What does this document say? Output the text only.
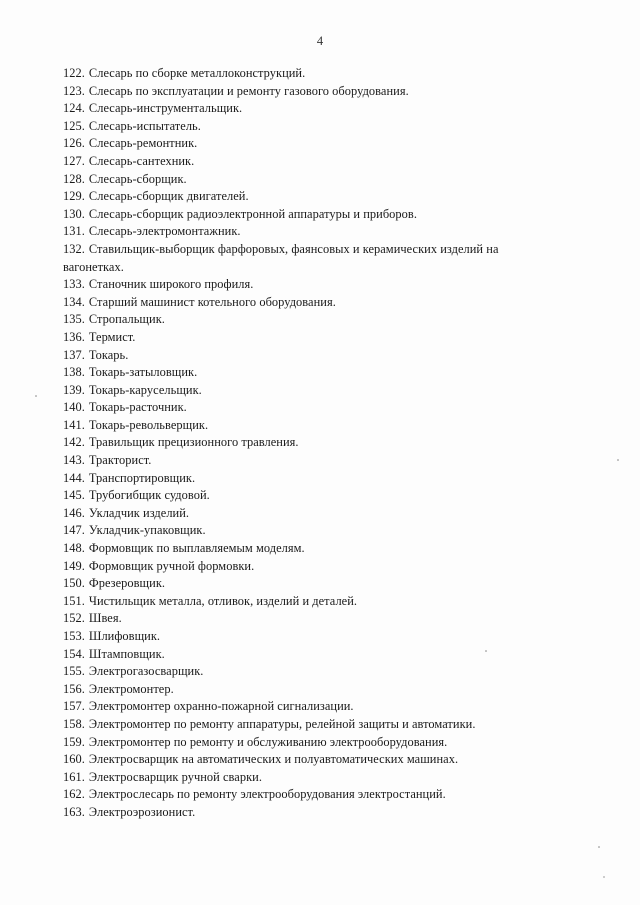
4
122. Слесарь по сборке металлоконструкций.
123. Слесарь по эксплуатации и ремонту газового оборудования.
124. Слесарь-инструментальщик.
125. Слесарь-испытатель.
126. Слесарь-ремонтник.
127. Слесарь-сантехник.
128. Слесарь-сборщик.
129. Слесарь-сборщик двигателей.
130. Слесарь-сборщик радиоэлектронной аппаратуры и приборов.
131. Слесарь-электромонтажник.
132. Ставильщик-выборщик фарфоровых, фаянсовых и керамических изделий на вагонетках.
133. Станочник широкого профиля.
134. Старший машинист котельного оборудования.
135. Стропальщик.
136. Термист.
137. Токарь.
138. Токарь-затыловщик.
139. Токарь-карусельщик.
140. Токарь-расточник.
141. Токарь-револьверщик.
142. Травильщик прецизионного травления.
143. Тракторист.
144. Транспортировщик.
145. Трубогибщик судовой.
146. Укладчик изделий.
147. Укладчик-упаковщик.
148. Формовщик по выплавляемым моделям.
149. Формовщик ручной формовки.
150. Фрезеровщик.
151. Чистильщик металла, отливок, изделий и деталей.
152. Швея.
153. Шлифовщик.
154. Штамповщик.
155. Электрогазосварщик.
156. Электромонтер.
157. Электромонтер охранно-пожарной сигнализации.
158. Электромонтер по ремонту аппаратуры, релейной защиты и автоматики.
159. Электромонтер по ремонту и обслуживанию электрооборудования.
160. Электросварщик на автоматических и полуавтоматических машинах.
161. Электросварщик ручной сварки.
162. Электрослесарь по ремонту электрооборудования электростанций.
163. Электроэрозионист.
